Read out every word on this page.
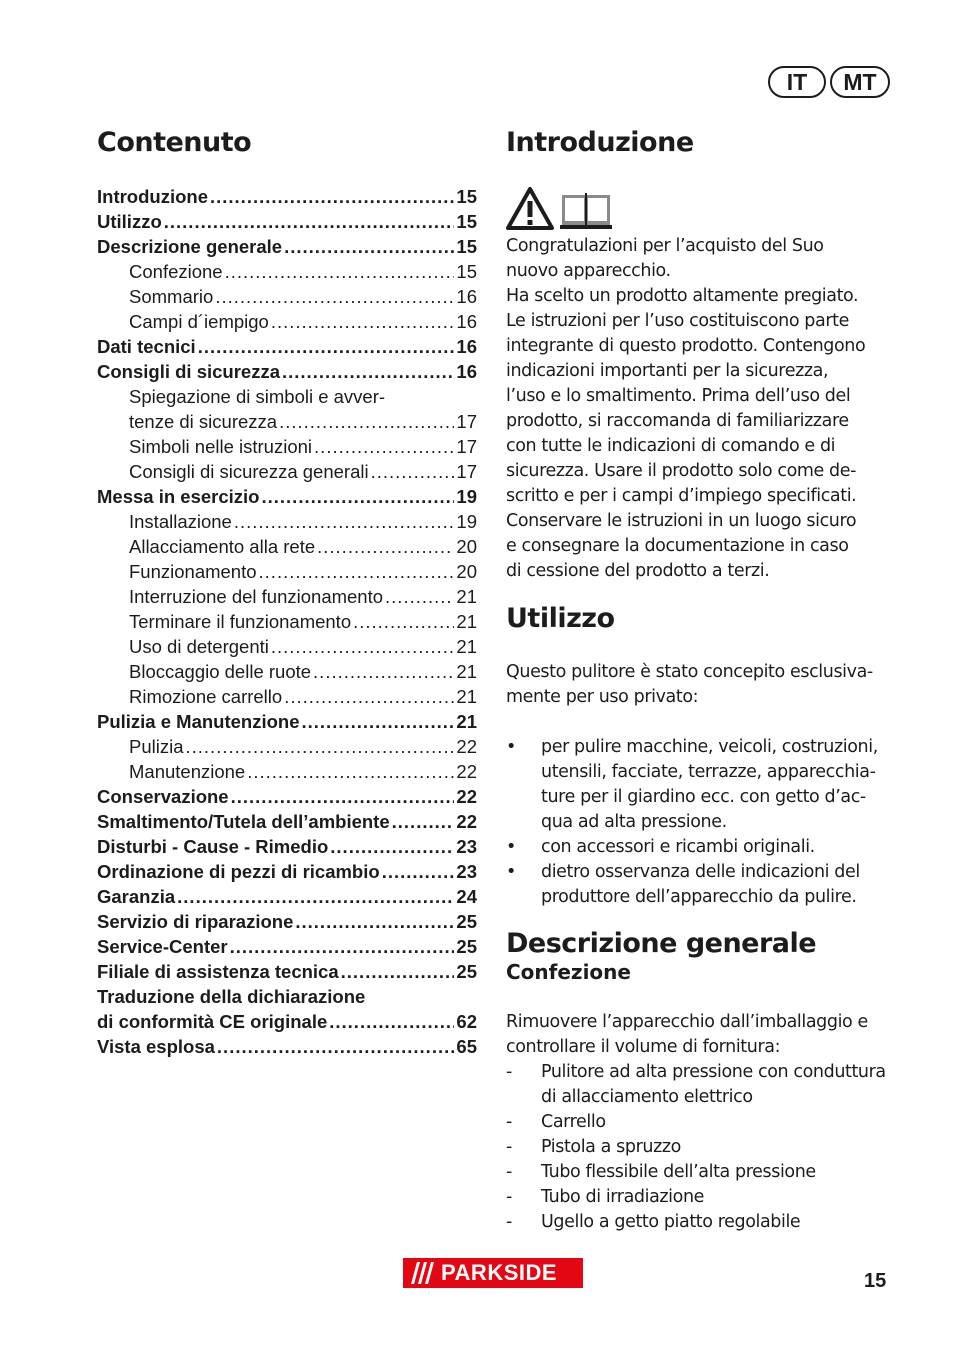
IT	MT
Contenuto
Introduzione .....	15
Utilizzo .....	15
Descrizione generale .....	15
Confezione .....	15
Sommario .....	16
Campi d´iempigo .....	16
Dati tecnici .....	16
Consigli di sicurezza .....	16
Spiegazione di simboli e avver-
tenze di sicurezza .....	17
Simboli nelle istruzioni .....	17
Consigli di sicurezza generali .....	17
Messa in esercizio .....	19
Installazione .....	19
Allacciamento alla rete .....	20
Funzionamento .....	20
Interruzione del funzionamento .....	21
Terminare il funzionamento .....	21
Uso di detergenti .....	21
Bloccaggio delle ruote .....	21
Rimozione carrello .....	21
Pulizia e Manutenzione .....	21
Pulizia .....	22
Manutenzione .....	22
Conservazione .....	22
Smaltimento/Tutela dell’ambiente .....	22
Disturbi - Cause - Rimedio .....	23
Ordinazione di pezzi di ricambio .....	23
Garanzia .....	24
Servizio di riparazione .....	25
Service-Center .....	25
Filiale di assistenza tecnica .....	25
Traduzione della dichiarazione
di conformità CE originale .....	62
Vista esplosa .....	65
Introduzione

Congratulazioni per l’acquisto del Suo

nuovo apparecchio.

Ha scelto un prodotto altamente pregiato.

Le istruzioni per l’uso costituiscono parte

integrante di questo prodotto. Contengono

indicazioni importanti per la sicurezza,

l’uso e lo smaltimento. Prima dell’uso del

prodotto, si raccomanda di familiarizzare

con tutte le indicazioni di comando e di

sicurezza. Usare il prodotto solo come de-

scritto e per i campi d’impiego specificati.

Conservare le istruzioni in un luogo sicuro

e consegnare la documentazione in caso

di cessione del prodotto a terzi.

Utilizzo

Questo pulitore è stato concepito esclusiva-

mente per uso privato:

•	per pulire macchine, veicoli, costruzioni,

utensili, facciate, terrazze, apparecchia-

ture per il giardino ecc. con getto d’ac-

qua ad alta pressione.

•	con accessori e ricambi originali.

•	dietro osservanza delle indicazioni del

produttore dell’apparecchio da pulire.

Descrizione generale
Confezione

Rimuovere l’apparecchio dall’imballaggio e

controllare il volume di fornitura:

-	Pulitore ad alta pressione con conduttura

di allacciamento elettrico

-	Carrello

-	Pistola a spruzzo

-	Tubo flessibile dell’alta pressione

-	Tubo di irradiazione

-	Ugello a getto piatto regolabile

PARKSIDE	15
